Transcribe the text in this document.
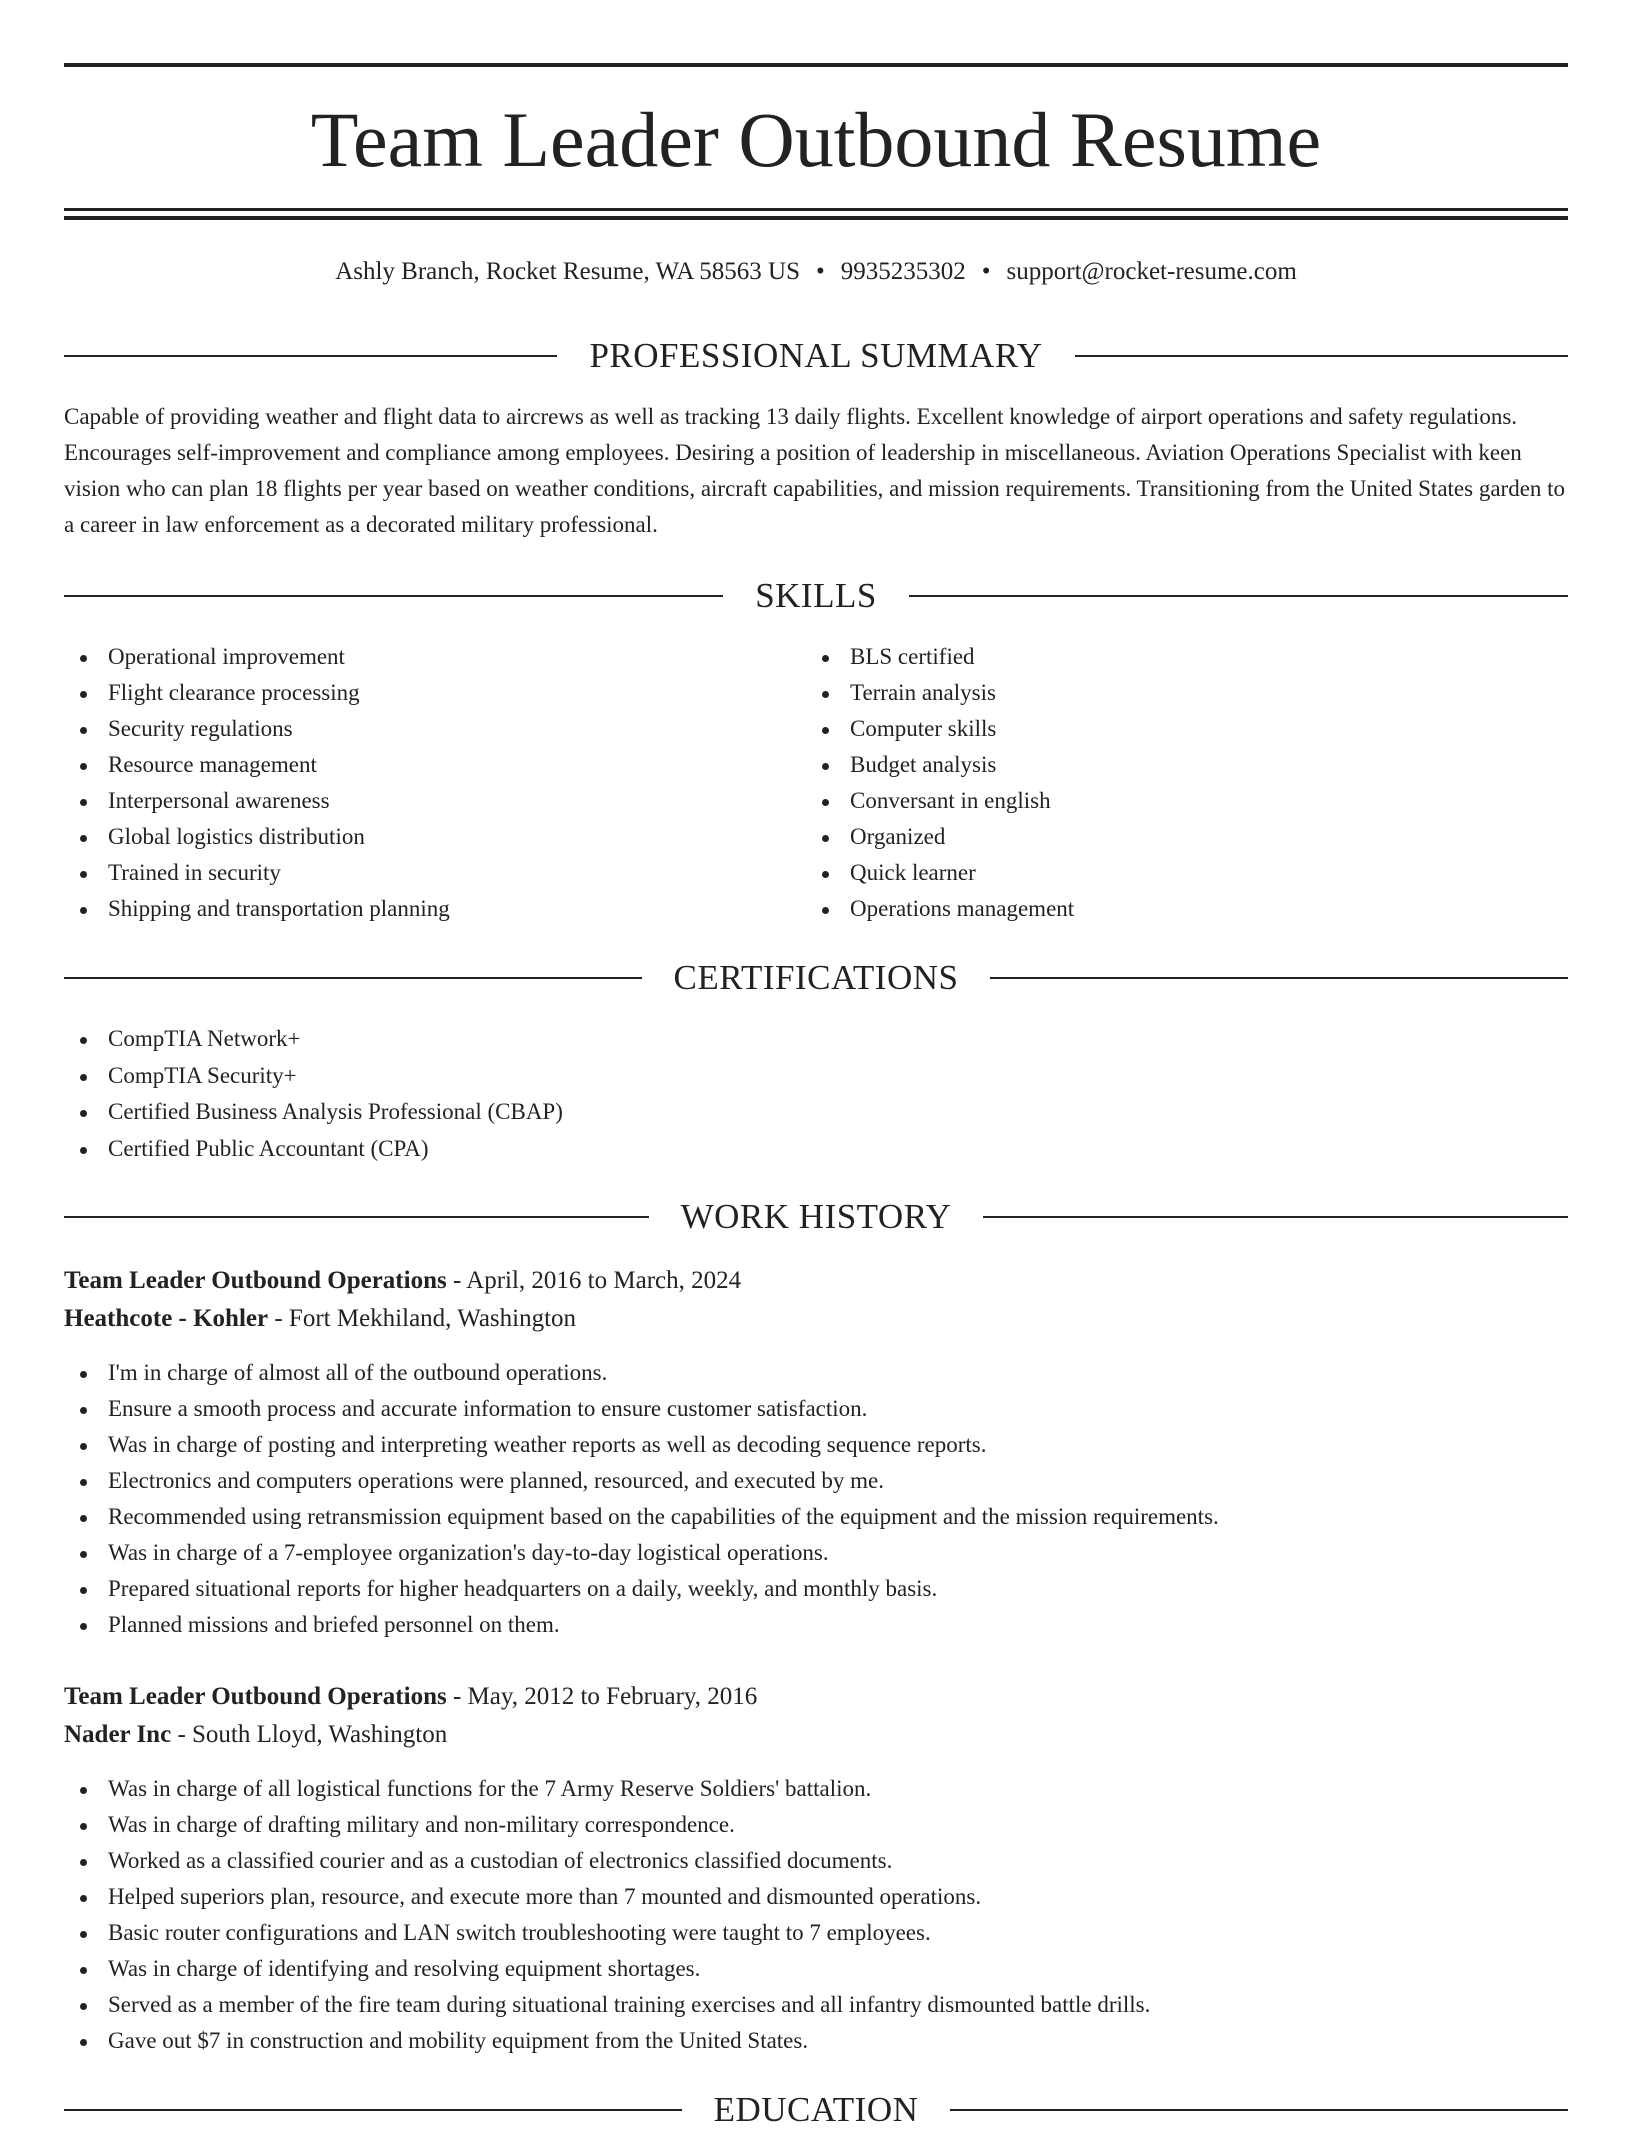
Team Leader Outbound Resume
Ashly Branch, Rocket Resume, WA 58563 US • 9935235302 • support@rocket-resume.com
PROFESSIONAL SUMMARY

Capable of providing weather and flight data to aircrews as well as tracking 13 daily flights. Excellent knowledge of airport operations and safety regulations. Encourages self-improvement and compliance among employees. Desiring a position of leadership in miscellaneous. Aviation Operations Specialist with keen vision who can plan 18 flights per year based on weather conditions, aircraft capabilities, and mission requirements. Transitioning from the United States garden to a career in law enforcement as a decorated military professional.

SKILLS
Operational improvement
Flight clearance processing
Security regulations
Resource management
Interpersonal awareness
Global logistics distribution
Trained in security
Shipping and transportation planning
BLS certified
Terrain analysis
Computer skills
Budget analysis
Conversant in english
Organized
Quick learner
Operations management
CERTIFICATIONS
CompTIA Network+
CompTIA Security+
Certified Business Analysis Professional (CBAP)
Certified Public Accountant (CPA)
WORK HISTORY
Team Leader Outbound Operations - April, 2016 to March, 2024
Heathcote - Kohler - Fort Mekhiland, Washington
I'm in charge of almost all of the outbound operations.
Ensure a smooth process and accurate information to ensure customer satisfaction.
Was in charge of posting and interpreting weather reports as well as decoding sequence reports.
Electronics and computers operations were planned, resourced, and executed by me.
Recommended using retransmission equipment based on the capabilities of the equipment and the mission requirements.
Was in charge of a 7-employee organization's day-to-day logistical operations.
Prepared situational reports for higher headquarters on a daily, weekly, and monthly basis.
Planned missions and briefed personnel on them.
Team Leader Outbound Operations - May, 2012 to February, 2016
Nader Inc - South Lloyd, Washington
Was in charge of all logistical functions for the 7 Army Reserve Soldiers' battalion.
Was in charge of drafting military and non-military correspondence.
Worked as a classified courier and as a custodian of electronics classified documents.
Helped superiors plan, resource, and execute more than 7 mounted and dismounted operations.
Basic router configurations and LAN switch troubleshooting were taught to 7 employees.
Was in charge of identifying and resolving equipment shortages.
Served as a member of the fire team during situational training exercises and all infantry dismounted battle drills.
Gave out $7 in construction and mobility equipment from the United States.
EDUCATION
